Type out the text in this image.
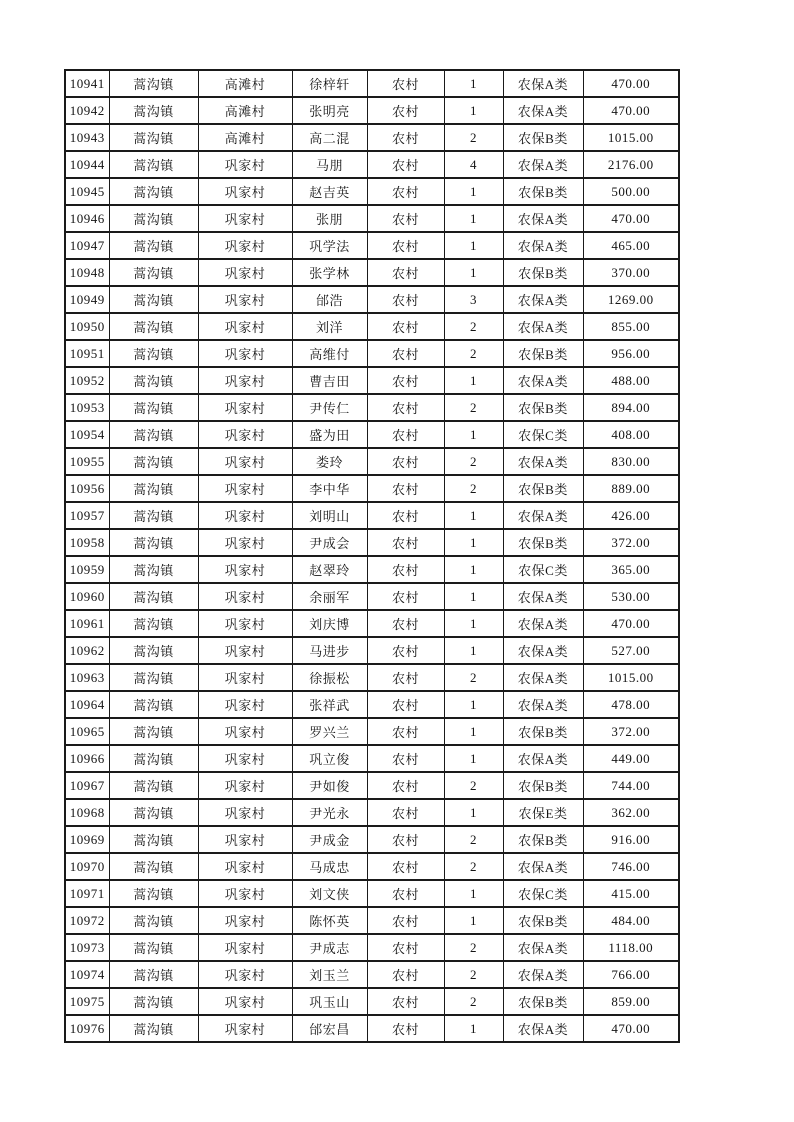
10941	蒿沟镇	高滩村	徐梓轩	农村	1	农保A类	470.00
10942	蒿沟镇	高滩村	张明亮	农村	1	农保A类	470.00
10943	蒿沟镇	高滩村	高二混	农村	2	农保B类	1015.00
10944	蒿沟镇	巩家村	马朋	农村	4	农保A类	2176.00
10945	蒿沟镇	巩家村	赵吉英	农村	1	农保B类	500.00
10946	蒿沟镇	巩家村	张朋	农村	1	农保A类	470.00
10947	蒿沟镇	巩家村	巩学法	农村	1	农保A类	465.00
10948	蒿沟镇	巩家村	张学林	农村	1	农保B类	370.00
10949	蒿沟镇	巩家村	邰浩	农村	3	农保A类	1269.00
10950	蒿沟镇	巩家村	刘洋	农村	2	农保A类	855.00
10951	蒿沟镇	巩家村	高维付	农村	2	农保B类	956.00
10952	蒿沟镇	巩家村	曹吉田	农村	1	农保A类	488.00
10953	蒿沟镇	巩家村	尹传仁	农村	2	农保B类	894.00
10954	蒿沟镇	巩家村	盛为田	农村	1	农保C类	408.00
10955	蒿沟镇	巩家村	娄玲	农村	2	农保A类	830.00
10956	蒿沟镇	巩家村	李中华	农村	2	农保B类	889.00
10957	蒿沟镇	巩家村	刘明山	农村	1	农保A类	426.00
10958	蒿沟镇	巩家村	尹成会	农村	1	农保B类	372.00
10959	蒿沟镇	巩家村	赵翠玲	农村	1	农保C类	365.00
10960	蒿沟镇	巩家村	余丽军	农村	1	农保A类	530.00
10961	蒿沟镇	巩家村	刘庆博	农村	1	农保A类	470.00
10962	蒿沟镇	巩家村	马进步	农村	1	农保A类	527.00
10963	蒿沟镇	巩家村	徐振松	农村	2	农保A类	1015.00
10964	蒿沟镇	巩家村	张祥武	农村	1	农保A类	478.00
10965	蒿沟镇	巩家村	罗兴兰	农村	1	农保B类	372.00
10966	蒿沟镇	巩家村	巩立俊	农村	1	农保A类	449.00
10967	蒿沟镇	巩家村	尹如俊	农村	2	农保B类	744.00
10968	蒿沟镇	巩家村	尹光永	农村	1	农保E类	362.00
10969	蒿沟镇	巩家村	尹成金	农村	2	农保B类	916.00
10970	蒿沟镇	巩家村	马成忠	农村	2	农保A类	746.00
10971	蒿沟镇	巩家村	刘文侠	农村	1	农保C类	415.00
10972	蒿沟镇	巩家村	陈怀英	农村	1	农保B类	484.00
10973	蒿沟镇	巩家村	尹成志	农村	2	农保A类	1118.00
10974	蒿沟镇	巩家村	刘玉兰	农村	2	农保A类	766.00
10975	蒿沟镇	巩家村	巩玉山	农村	2	农保B类	859.00
10976	蒿沟镇	巩家村	邰宏昌	农村	1	农保A类	470.00
